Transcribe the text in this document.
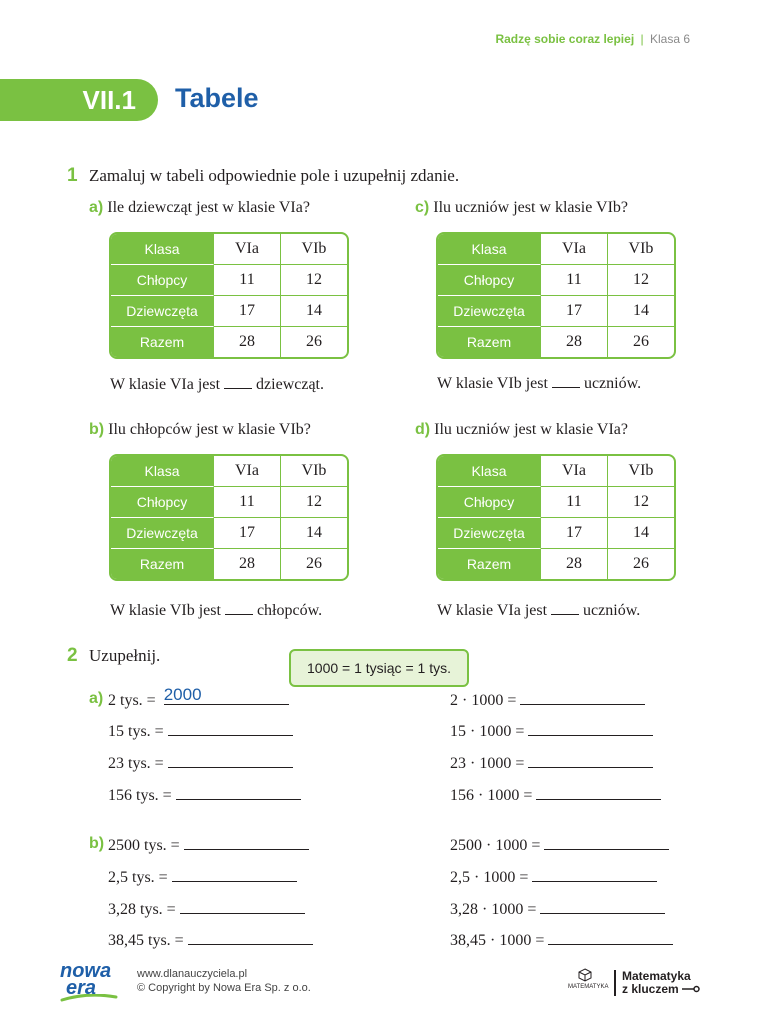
Radzę sobie coraz lepiej | Klasa 6
VII.1	Tabele
1 Zamaluj w tabeli odpowiednie pole i uzupełnij zdanie.
a) Ile dziewcząt jest w klasie VIa?
Klasa	VIa	VIb
Chłopcy	11	12
Dziewczęta	17	14
Razem	28	26
W klasie VIa jest dziewcząt.
c) Ilu uczniów jest w klasie VIb?
Klasa	VIa	VIb
Chłopcy	11	12
Dziewczęta	17	14
Razem	28	26
W klasie VIb jest uczniów.
b) Ilu chłopców jest w klasie VIb?
Klasa	VIa	VIb
Chłopcy	11	12
Dziewczęta	17	14
Razem	28	26
W klasie VIb jest chłopców.
d) Ilu uczniów jest w klasie VIa?
Klasa	VIa	VIb
Chłopcy	11	12
Dziewczęta	17	14
Razem	28	26
W klasie VIa jest uczniów.
2 Uzupełnij.
1000 = 1 tysiąc = 1 tys.
a) 2 tys. = 2000
15 tys. =
23 tys. =
156 tys. =
2 · 1000 =
15 · 1000 =
23 · 1000 =
156 · 1000 =
b) 2500 tys. =
2,5 tys. =
3,28 tys. =
38,45 tys. =
2500 · 1000 =
2,5 · 1000 =
3,28 · 1000 =
38,45 · 1000 =
nowa
era
www.dlanauczyciela.pl
© Copyright by Nowa Era Sp. z o.o.	MATEMATYKA
Matematyka
z kluczem
